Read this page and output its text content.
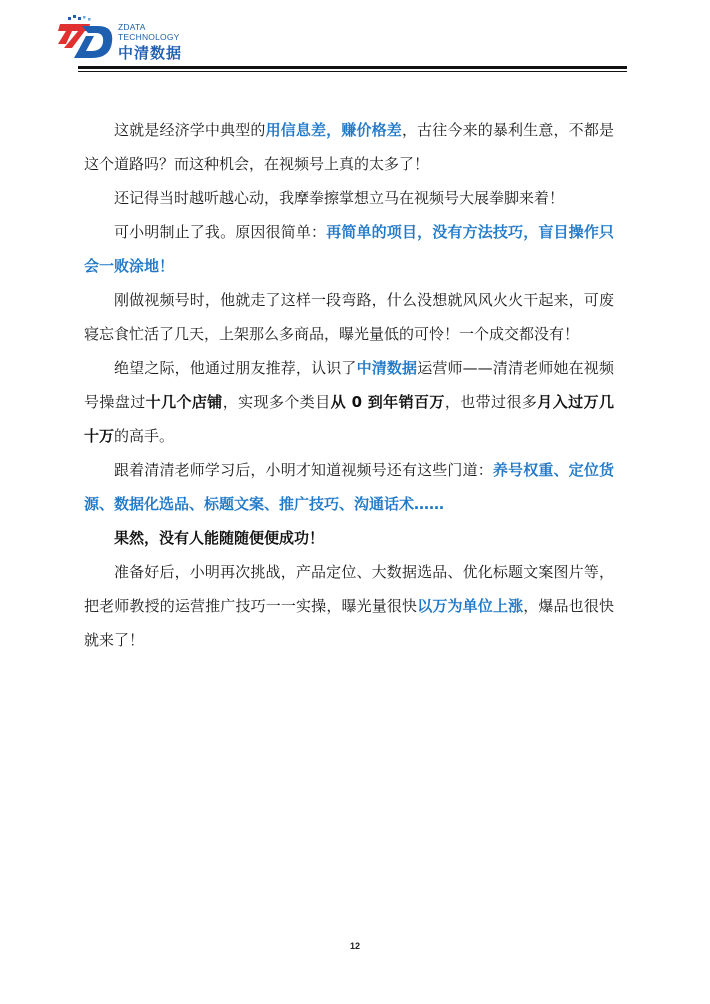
ZDATA
TECHNOLOGY
中清数据

这就是经济学中典型的用信息差，赚价格差，古往今来的暴利生意，不都是这个道路吗？而这种机会，在视频号上真的太多了！

还记得当时越听越心动，我摩拳擦掌想立马在视频号大展拳脚来着！

可小明制止了我。原因很简单：再简单的项目，没有方法技巧，盲目操作只会一败涂地！

刚做视频号时，他就走了这样一段弯路，什么没想就风风火火干起来，可废寝忘食忙活了几天，上架那么多商品，曝光量低的可怜！一个成交都没有！

绝望之际，他通过朋友推荐，认识了中清数据运营师——清清老师她在视频号操盘过十几个店铺，实现多个类目从 0 到年销百万，也带过很多月入过万几十万的高手。

跟着清清老师学习后，小明才知道视频号还有这些门道：养号权重、定位货源、数据化选品、标题文案、推广技巧、沟通话术……

果然，没有人能随随便便成功！

准备好后，小明再次挑战，产品定位、大数据选品、优化标题文案图片等，把老师教授的运营推广技巧一一实操，曝光量很快以万为单位上涨，爆品也很快就来了！

12
